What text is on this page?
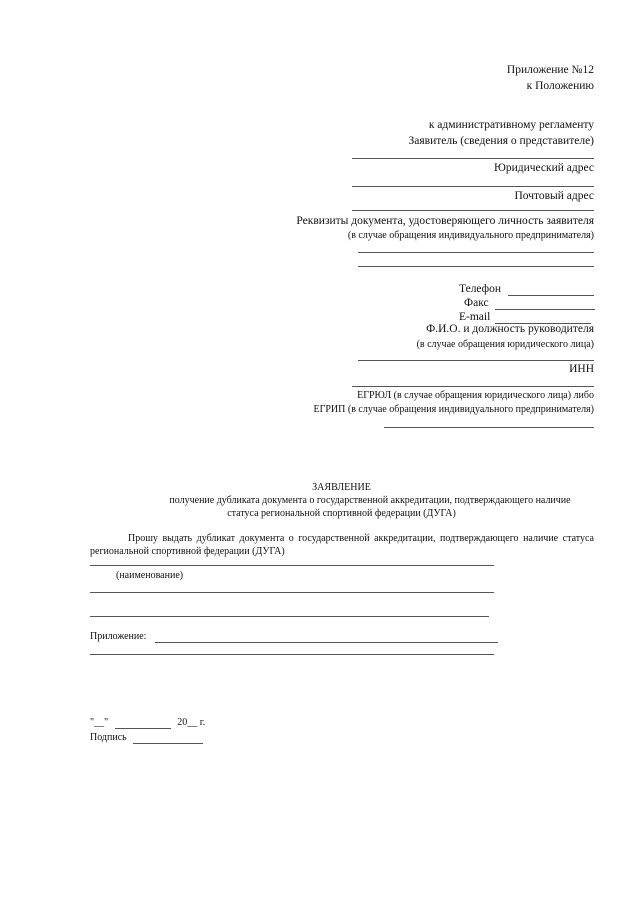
Приложение №12
к Положению
к административному регламенту
Заявитель (сведения о представителе)
Юридический адрес
Почтовый адрес
Реквизиты документа, удостоверяющего личность заявителя
(в случае обращения индивидуального предпринимателя)
Телефон
Факс
E-mail
Ф.И.О. и должность руководителя
(в случае обращения юридического лица)
ИНН
ЕГРЮЛ (в случае обращения юридического лица) либо
ЕГРИП (в случае обращения индивидуального предпринимателя)
ЗАЯВЛЕНИЕ
получение дубликата документа о государственной аккредитации, подтверждающего наличие
статуса региональной спортивной федерации (ДУГА)
Прошу выдать дубликат документа о государственной аккредитации, подтверждающего наличие статуса региональной спортивной федерации (ДУГА)
(наименование)
Приложение:
"__"	20__ г.
Подпись
